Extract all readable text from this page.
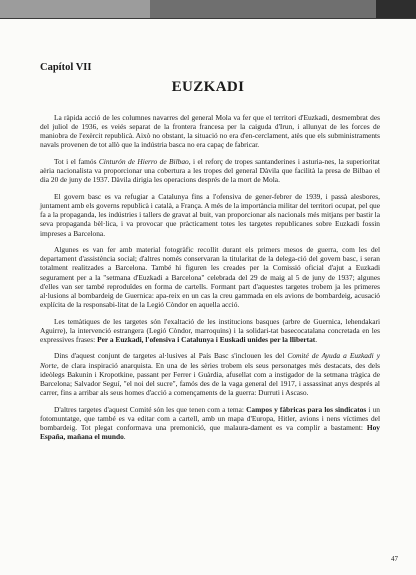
Capítol VII
EUZKADI

La ràpida acció de les columnes navarres del general Mola va fer que el territori d'Euzkadi, desmembrat des del juliol de 1936, es veiés separat de la frontera francesa per la caiguda d'Irun, i allunyat de les forces de maniobra de l'exèrcit republicà. Això no obstant, la situació no era d'en-cerclament, atès que els subministraments navals provenen de tot allò que la indústria basca no era capaç de fabricar.

Tot i el famós Cinturón de Hierro de Bilbao, i el reforç de tropes santanderines i asturia-nes, la superioritat aèria nacionalista va proporcionar una cobertura a les tropes del general Dàvila que facilità la presa de Bilbao el dia 20 de juny de 1937. Dàvila dirigia les operacions després de la mort de Mola.

El govern basc es va refugiar a Catalunya fins a l'ofensiva de gener-febrer de 1939, i passà alesbores, juntament amb els governs republicà i català, a França. A més de la importància militar del territori ocupat, pel que fa a la propaganda, les indústries i tallers de gravat al buit, van proporcionar als nacionals més mitjans per bastir la seva propaganda bèl·lica, i va provocar que pràcticament totes les targetes republicanes sobre Euzkadi fossin impreses a Barcelona.

Algunes es van fer amb material fotogràfic recollit durant els primers mesos de guerra, com les del departament d'assistència social; d'altres només conservaran la titularitat de la delega-ció del govern basc, i seran totalment realitzades a Barcelona. També hi figuren les creades per la Comissió oficial d'ajut a Euzkadi segurament per a la "setmana d'Euzkadi a Barcelona" celebrada del 29 de maig al 5 de juny de 1937; algunes d'elles van ser també reproduïdes en forma de cartells. Formant part d'aquestes targetes trobem ja les primeres al·lusions al bombardeig de Guernica: apa-reix en un cas la creu gammada en els avions de bombardeig, acusació explícita de la responsabi-litat de la Legió Còndor en aquella acció.

Les temàtiques de les targetes són l'exaltació de les institucions basques (arbre de Guernica, lehendakari Aguirre), la intervenció estrangera (Legió Còndor, marroquins) i la solidari-tat basecocatalana concretada en les expressives frases: Per a Euzkadi, l'ofensiva i Catalunya i Euskadi unides per la llibertat.

Dins d'aquest conjunt de targetes al·lusives al País Basc s'inclouen les del Comité de Ayuda a Euzkadi y Norte, de clara inspiració anarquista. En una de les sèries trobem els seus personatges més destacats, des dels ideòlegs Bakunin i Kropotkine, passant per Ferrer i Guàrdia, afusellat com a instigador de la setmana tràgica de Barcelona; Salvador Seguí, "el noi del sucre", famós des de la vaga general del 1917, i assassinat anys després al carrer, fins a arribar als seus homes d'acció a començaments de la guerra: Durruti i Ascaso.

D'altres targetes d'aquest Comité són les que tenen com a tema: Campos y fàbricas para los sindicatos i un fotomuntatge, que també es va editar com a cartell, amb un mapa d'Europa, Hitler, avions i nens víctimes del bombardeig. Tot plegat conformava una premonició, que malaura-dament es va complir a bastament: Hoy España, mañana el mundo.

47
